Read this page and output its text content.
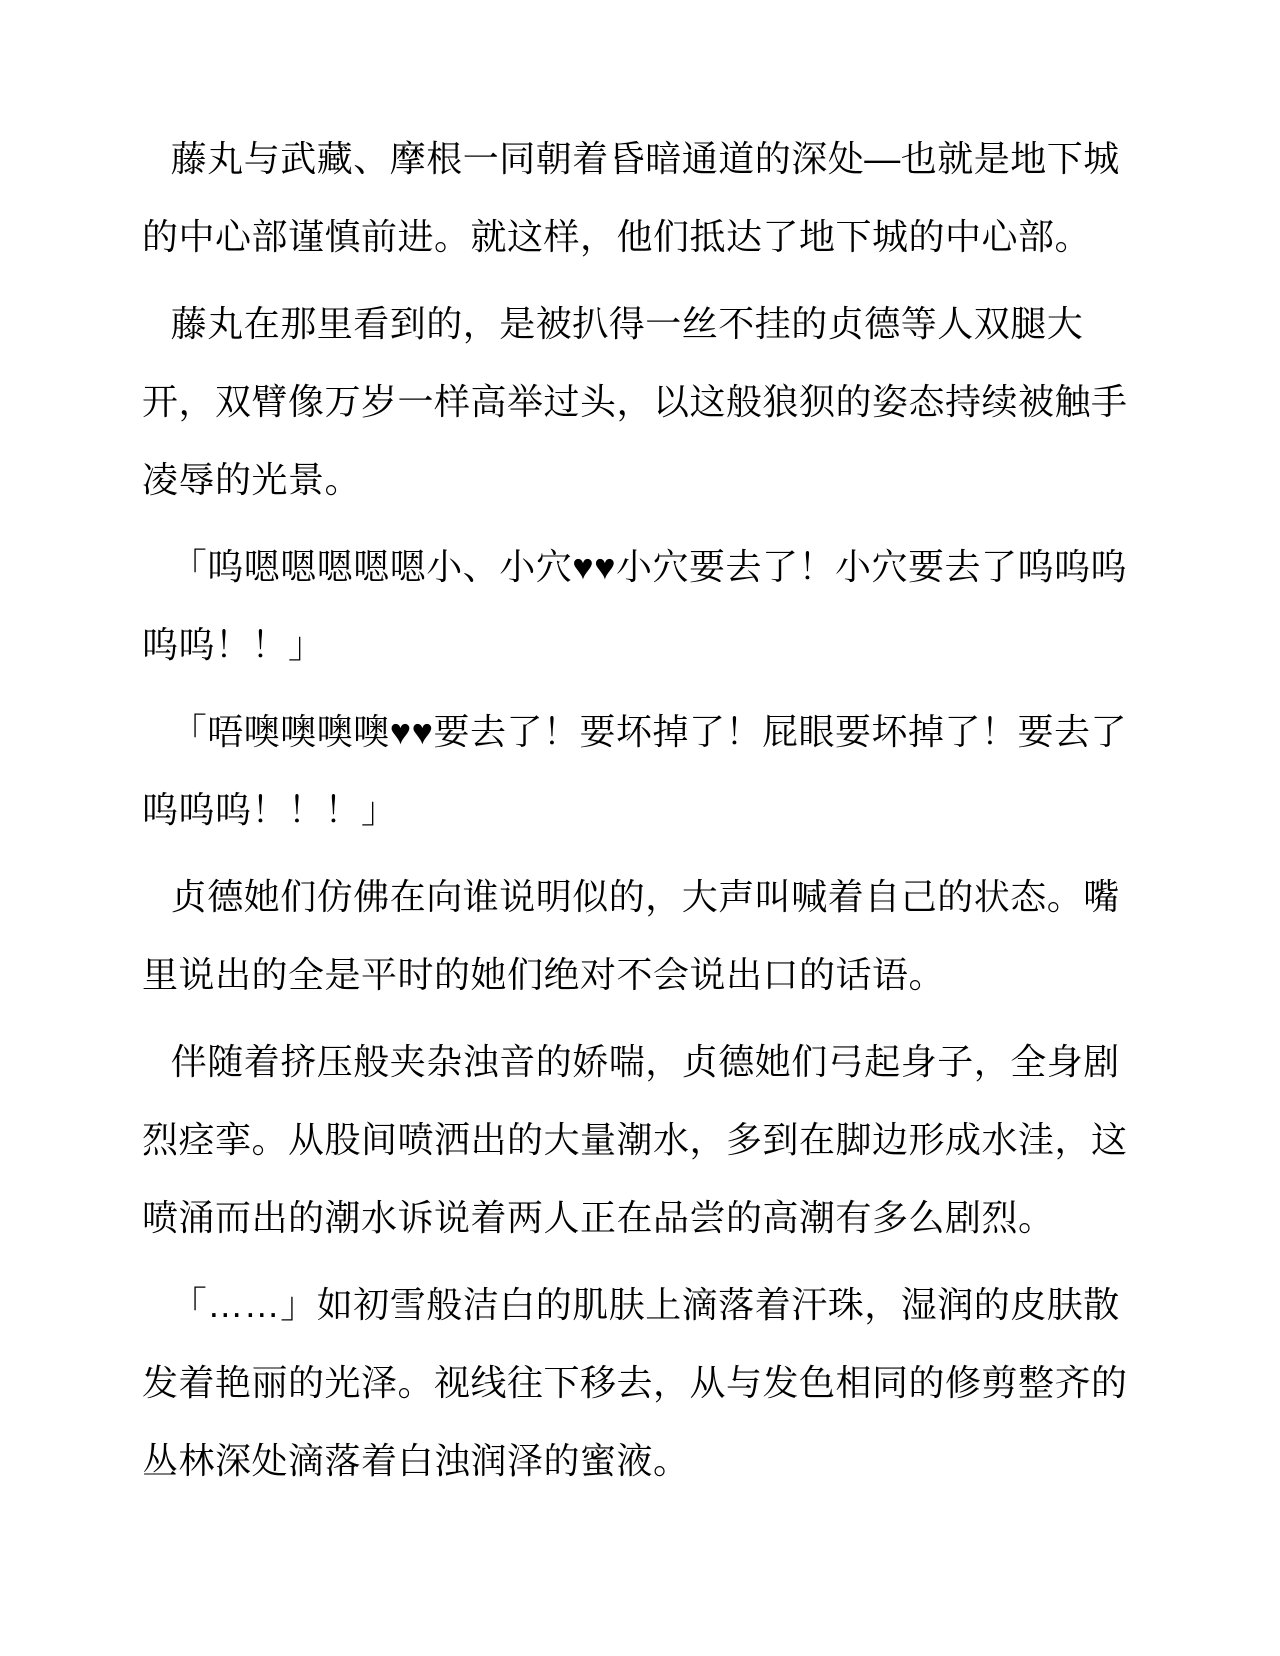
藤丸与武藏、摩根一同朝着昏暗通道的深处—也就是地下城的中心部谨慎前进。就这样，他们抵达了地下城的中心部。

藤丸在那里看到的，是被扒得一丝不挂的贞德等人双腿大开，双臂像万岁一样高举过头，以这般狼狈的姿态持续被触手凌辱的光景。

「呜嗯嗯嗯嗯嗯小、小穴♥♥小穴要去了！小穴要去了呜呜呜呜呜！！」

「唔噢噢噢噢♥♥要去了！要坏掉了！屁眼要坏掉了！要去了呜呜呜！！！」

贞德她们仿佛在向谁说明似的，大声叫喊着自己的状态。嘴里说出的全是平时的她们绝对不会说出口的话语。

伴随着挤压般夹杂浊音的娇喘，贞德她们弓起身子，全身剧烈痉挛。从股间喷洒出的大量潮水，多到在脚边形成水洼，这喷涌而出的潮水诉说着两人正在品尝的高潮有多么剧烈。

「……」如初雪般洁白的肌肤上滴落着汗珠，湿润的皮肤散发着艳丽的光泽。视线往下移去，从与发色相同的修剪整齐的丛林深处滴落着白浊润泽的蜜液。
